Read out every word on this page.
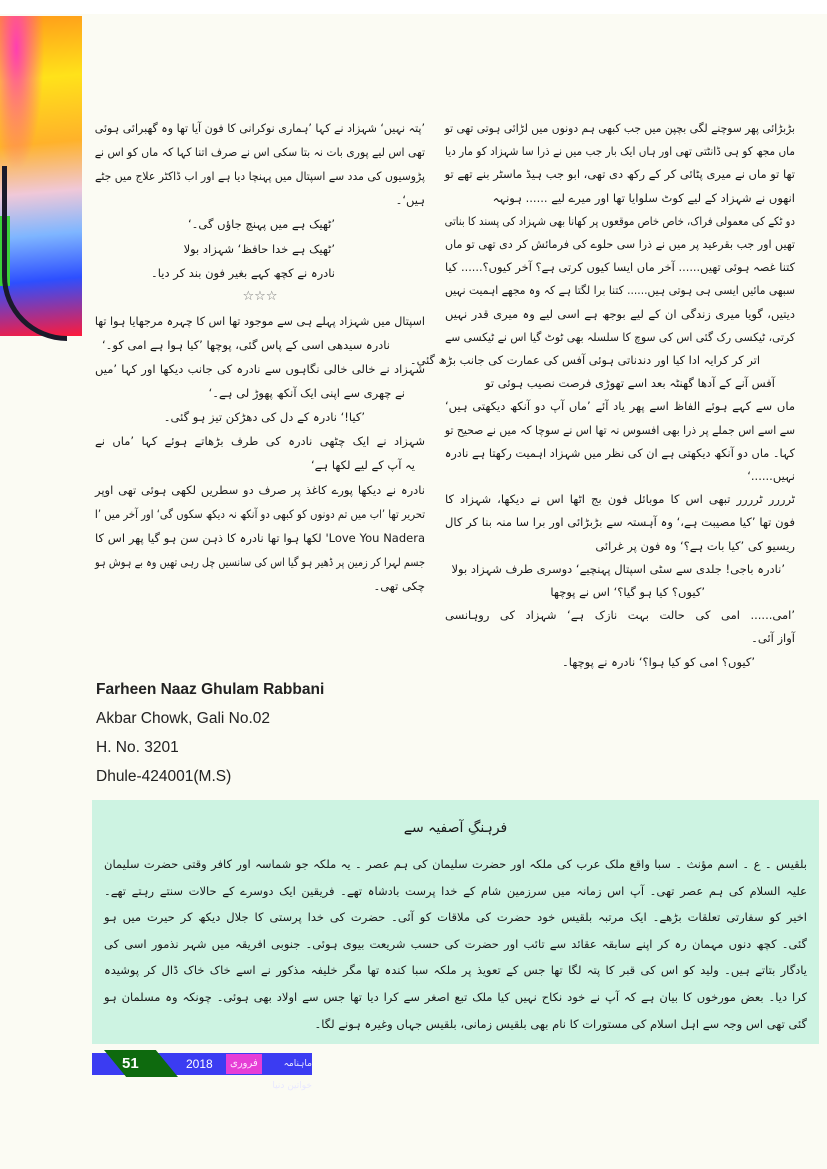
بڑبڑائی پھر سوچنے لگی بچپن میں جب کبھی ہم دونوں میں لڑائی ہوتی تھی تو
ماں مجھ کو ہی ڈانٹتی تھی اور ہاں ایک بار جب میں نے ذرا سا شہزاد کو مار دیا
تھا تو ماں نے میری پٹائی کر کے رکھ دی تھی، ابو جب ہیڈ ماسٹر بنے تھے تو
انھوں نے شہزاد کے لیے کوٹ سلوایا تھا اور میرے لیے ...... ہونہہ
دو ٹکے کی معمولی فراک، خاص خاص موقعوں پر کھانا بھی شہزاد کی پسند کا بناتی
تھیں اور جب بقرعید پر میں نے ذرا سی حلوے کی فرمائش کر دی تھی تو ماں
کتنا غصہ ہوئی تھیں...... آخر ماں ایسا کیوں کرتی ہے؟ آخر کیوں؟...... کیا
سبھی مائیں ایسی ہی ہوتی ہیں...... کتنا برا لگتا ہے کہ وہ مجھے اہمیت نہیں
دیتیں، گویا میری زندگی ان کے لیے بوجھ ہے اسی لیے وہ میری قدر نہیں
کرتی، ٹیکسی رک گئی اس کی سوچ کا سلسلہ بھی ٹوٹ گیا اس نے ٹیکسی سے
اتر کر کرایہ ادا کیا اور دندناتی ہوئی آفس کی عمارت کی جانب بڑھ گئی۔
آفس آنے کے آدھا گھنٹہ بعد اسے تھوڑی فرصت نصیب ہوئی تو
ماں سے کہے ہوئے الفاظ اسے پھر یاد آئے ’ماں آپ دو آنکھ دیکھتی ہیں‘
سے اسے اس جملے پر ذرا بھی افسوس نہ تھا اس نے سوچا کہ میں نے صحیح تو
کہا۔ ماں دو آنکھ دیکھتی ہے ان کی نظر میں شہزاد اہمیت رکھتا ہے نادرہ
نہیں......‘
ٹرررر ٹرررر تبھی اس کا موبائل فون بج اٹھا اس نے دیکھا، شہزاد کا
فون تھا ’کیا مصیبت ہے،‘ وہ آہستہ سے بڑبڑائی اور برا سا منہ بنا کر کال
ریسیو کی ’کیا بات ہے؟‘ وہ فون پر غرائی
’نادرہ باجی! جلدی سے سٹی اسپتال پہنچیے‘ دوسری طرف شہزاد بولا
’کیوں؟ کیا ہو گیا؟‘ اس نے پوچھا
’امی...... امی کی حالت بہت نازک ہے‘ شہزاد کی روہانسی
آواز آئی۔
’کیوں؟ امی کو کیا ہوا؟‘ نادرہ نے پوچھا۔
’پتہ نہیں‘ شہزاد نے کہا ’ہماری نوکرانی کا فون آیا تھا وہ گھبرائی ہوئی
تھی اس لیے پوری بات نہ بتا سکی اس نے صرف اتنا کہا کہ ماں کو اس نے
پڑوسیوں کی مدد سے اسپتال میں پہنچا دیا ہے اور اب ڈاکٹر علاج میں جٹے
ہیں‘۔
’ٹھیک ہے میں پہنچ جاؤں گی۔‘
’ٹھیک ہے خدا حافظ‘ شہزاد بولا
نادرہ نے کچھ کہے بغیر فون بند کر دیا۔
☆☆☆
اسپتال میں شہزاد پہلے ہی سے موجود تھا اس کا چہرہ مرجھایا ہوا تھا
نادرہ سیدھی اسی کے پاس گئی، پوچھا ’کیا ہوا ہے امی کو۔‘
شہزاد نے خالی خالی نگاہوں سے نادرہ کی جانب دیکھا اور کہا ’میں
نے چھری سے اپنی ایک آنکھ پھوڑ لی ہے۔‘
’کیا!‘ نادرہ کے دل کی دھڑکن تیز ہو گئی۔
شہزاد نے ایک چٹھی نادرہ کی طرف بڑھاتے ہوئے کہا ’ماں نے
یہ آپ کے لیے لکھا ہے‘
نادرہ نے دیکھا پورے کاغذ پر صرف دو سطریں لکھی ہوئی تھی اوپر
تحریر تھا ’اب میں تم دونوں کو کبھی دو آنکھ نہ دیکھ سکوں گی‘ اور آخر میں ’I
Love You Nadera' لکھا ہوا تھا نادرہ کا ذہن سن ہو گیا پھر اس کا
جسم لہرا کر زمین پر ڈھیر ہو گیا اس کی سانسیں چل رہی تھیں وہ بے ہوش ہو
چکی تھی۔
Farheen Naaz Ghulam Rabbani
Akbar Chowk, Gali No.02
H. No. 3201
Dhule-424001(M.S)
فرہنگِ آصفیہ سے
بلقیس ۔ ع ۔ اسم مؤنث ۔ سبا واقع ملک عرب کی ملکہ اور حضرت سلیمان کی ہم عصر ۔ یہ ملکہ جو شماسہ اور کافر وقتی حضرت سلیمان
علیہ السلام کی ہم عصر تھی۔ آپ اس زمانہ میں سرزمین شام کے خدا پرست بادشاہ تھے۔ فریقین ایک دوسرے کے حالات سنتے رہتے تھے۔
اخیر کو سفارتی تعلقات بڑھے۔ ایک مرتبہ بلقیس خود حضرت کی ملاقات کو آئی۔ حضرت کی خدا پرستی کا جلال دیکھ کر حیرت میں ہو
گئی۔ کچھ دنوں مہمان رہ کر اپنے سابقہ عقائد سے تائب اور حضرت کی حسب شریعت بیوی ہوئی۔ جنوبی افریقہ میں شہر نذمور اسی کی
یادگار بتاتے ہیں۔ ولید کو اس کی قبر کا پتہ لگا تھا جس کے تعویذ پر ملکہ سبا کندہ تھا مگر خلیفہ مذکور نے اسے خاک خاک ڈال کر پوشیدہ
کرا دیا۔ بعض مورخوں کا بیان ہے کہ آپ نے خود نکاح نہیں کیا ملک تبع اصغر سے کرا دیا تھا جس سے اولاد بھی ہوئی۔ چونکہ وہ مسلمان ہو
گئی تھی اس وجہ سے اہل اسلام کی مستورات کا نام بھی بلقیس زمانی، بلقیس جہاں وغیرہ ہونے لگا۔
51	2018	فروری	ماہنامہ خواتین دنیا
